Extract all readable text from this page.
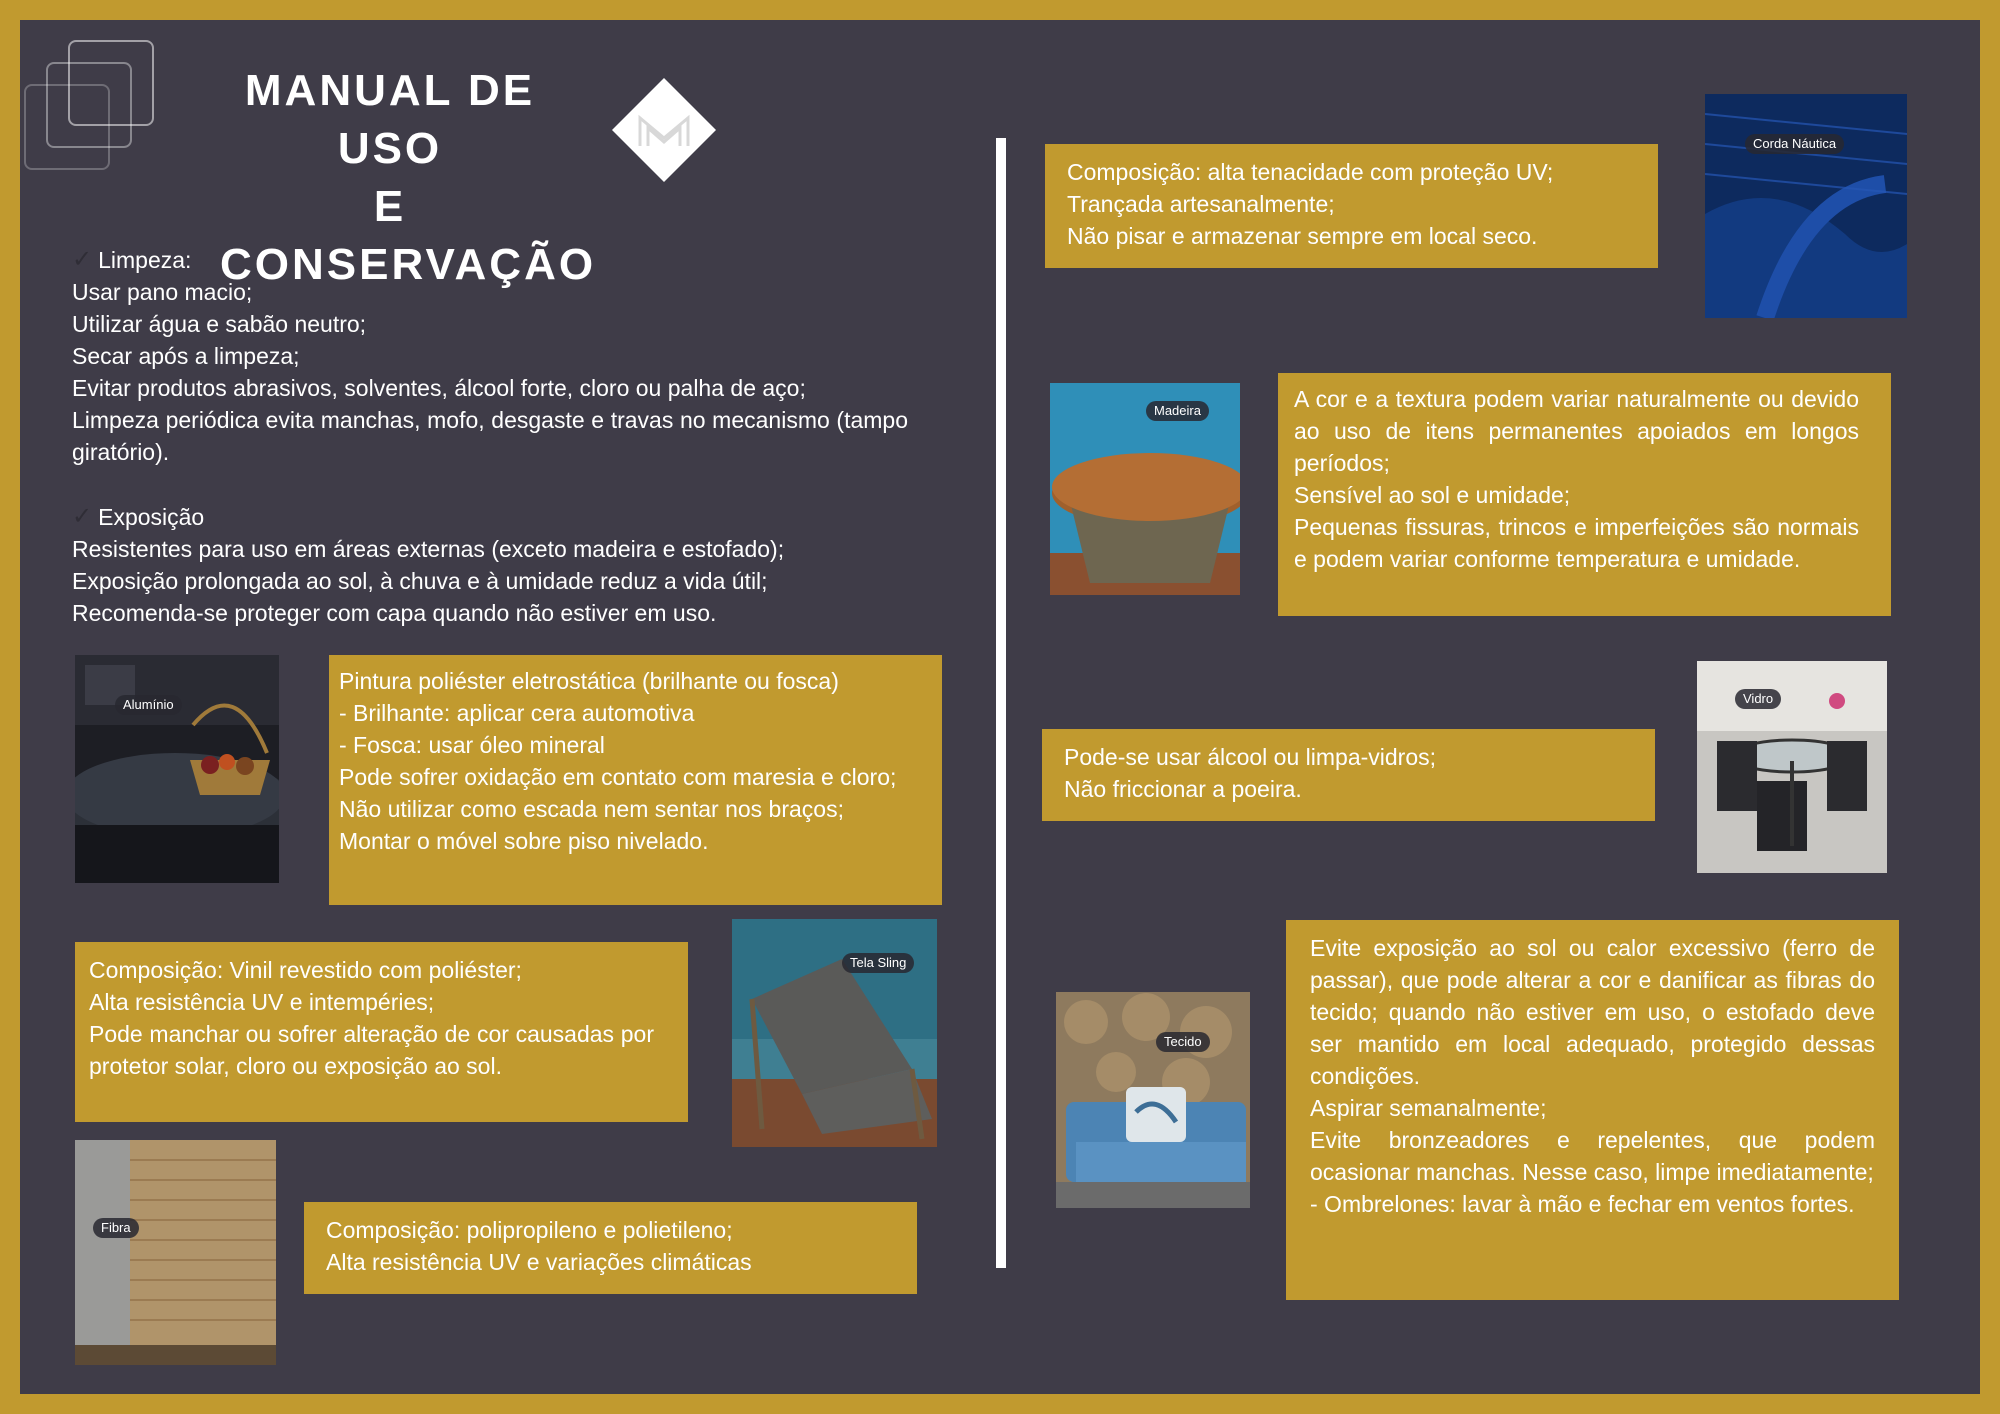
MANUAL DE USO
E CONSERVAÇÃO
✓ Limpeza:
Usar pano macio;
Utilizar água e sabão neutro;
Secar após a limpeza;
Evitar produtos abrasivos, solventes, álcool forte, cloro ou palha de aço;
Limpeza periódica evita manchas, mofo, desgaste e travas no mecanismo (tampo giratório).
✓ Exposição
Resistentes para uso em áreas externas (exceto madeira e estofado);
Exposição prolongada ao sol, à chuva e à umidade reduz a vida útil;
Recomenda-se proteger com capa quando não estiver em uso.
Alumínio
Pintura poliéster eletrostática (brilhante ou fosca)
- Brilhante: aplicar cera automotiva
- Fosca: usar óleo mineral
Pode sofrer oxidação em contato com maresia e cloro;
Não utilizar como escada nem sentar nos braços;
Montar o móvel sobre piso nivelado.
Composição: Vinil revestido com poliéster;
Alta resistência UV e intempéries;
Pode manchar ou sofrer alteração de cor causadas por protetor solar, cloro ou exposição ao sol.
Tela Sling
Fibra	Composição: polipropileno e polietileno;
Alta resistência UV e variações climáticas
Composição: alta tenacidade com proteção UV;
Trançada artesanalmente;
Não pisar e armazenar sempre em local seco.
Corda Náutica
Madeira	A cor e a textura podem variar naturalmente ou devido ao uso de itens permanentes apoiados em longos períodos;
Sensível ao sol e umidade;
Pequenas fissuras, trincos e imperfeições são normais e podem variar conforme temperatura e umidade.
Pode-se usar álcool ou limpa-vidros;
Não friccionar a poeira.
Vidro
Tecido
Evite exposição ao sol ou calor excessivo (ferro de passar), que pode alterar a cor e danificar as fibras do tecido; quando não estiver em uso, o estofado deve ser mantido em local adequado, protegido dessas condições.
Aspirar semanalmente;
Evite bronzeadores e repelentes, que podem ocasionar manchas. Nesse caso, limpe imediatamente;
- Ombrelones: lavar à mão e fechar em ventos fortes.
